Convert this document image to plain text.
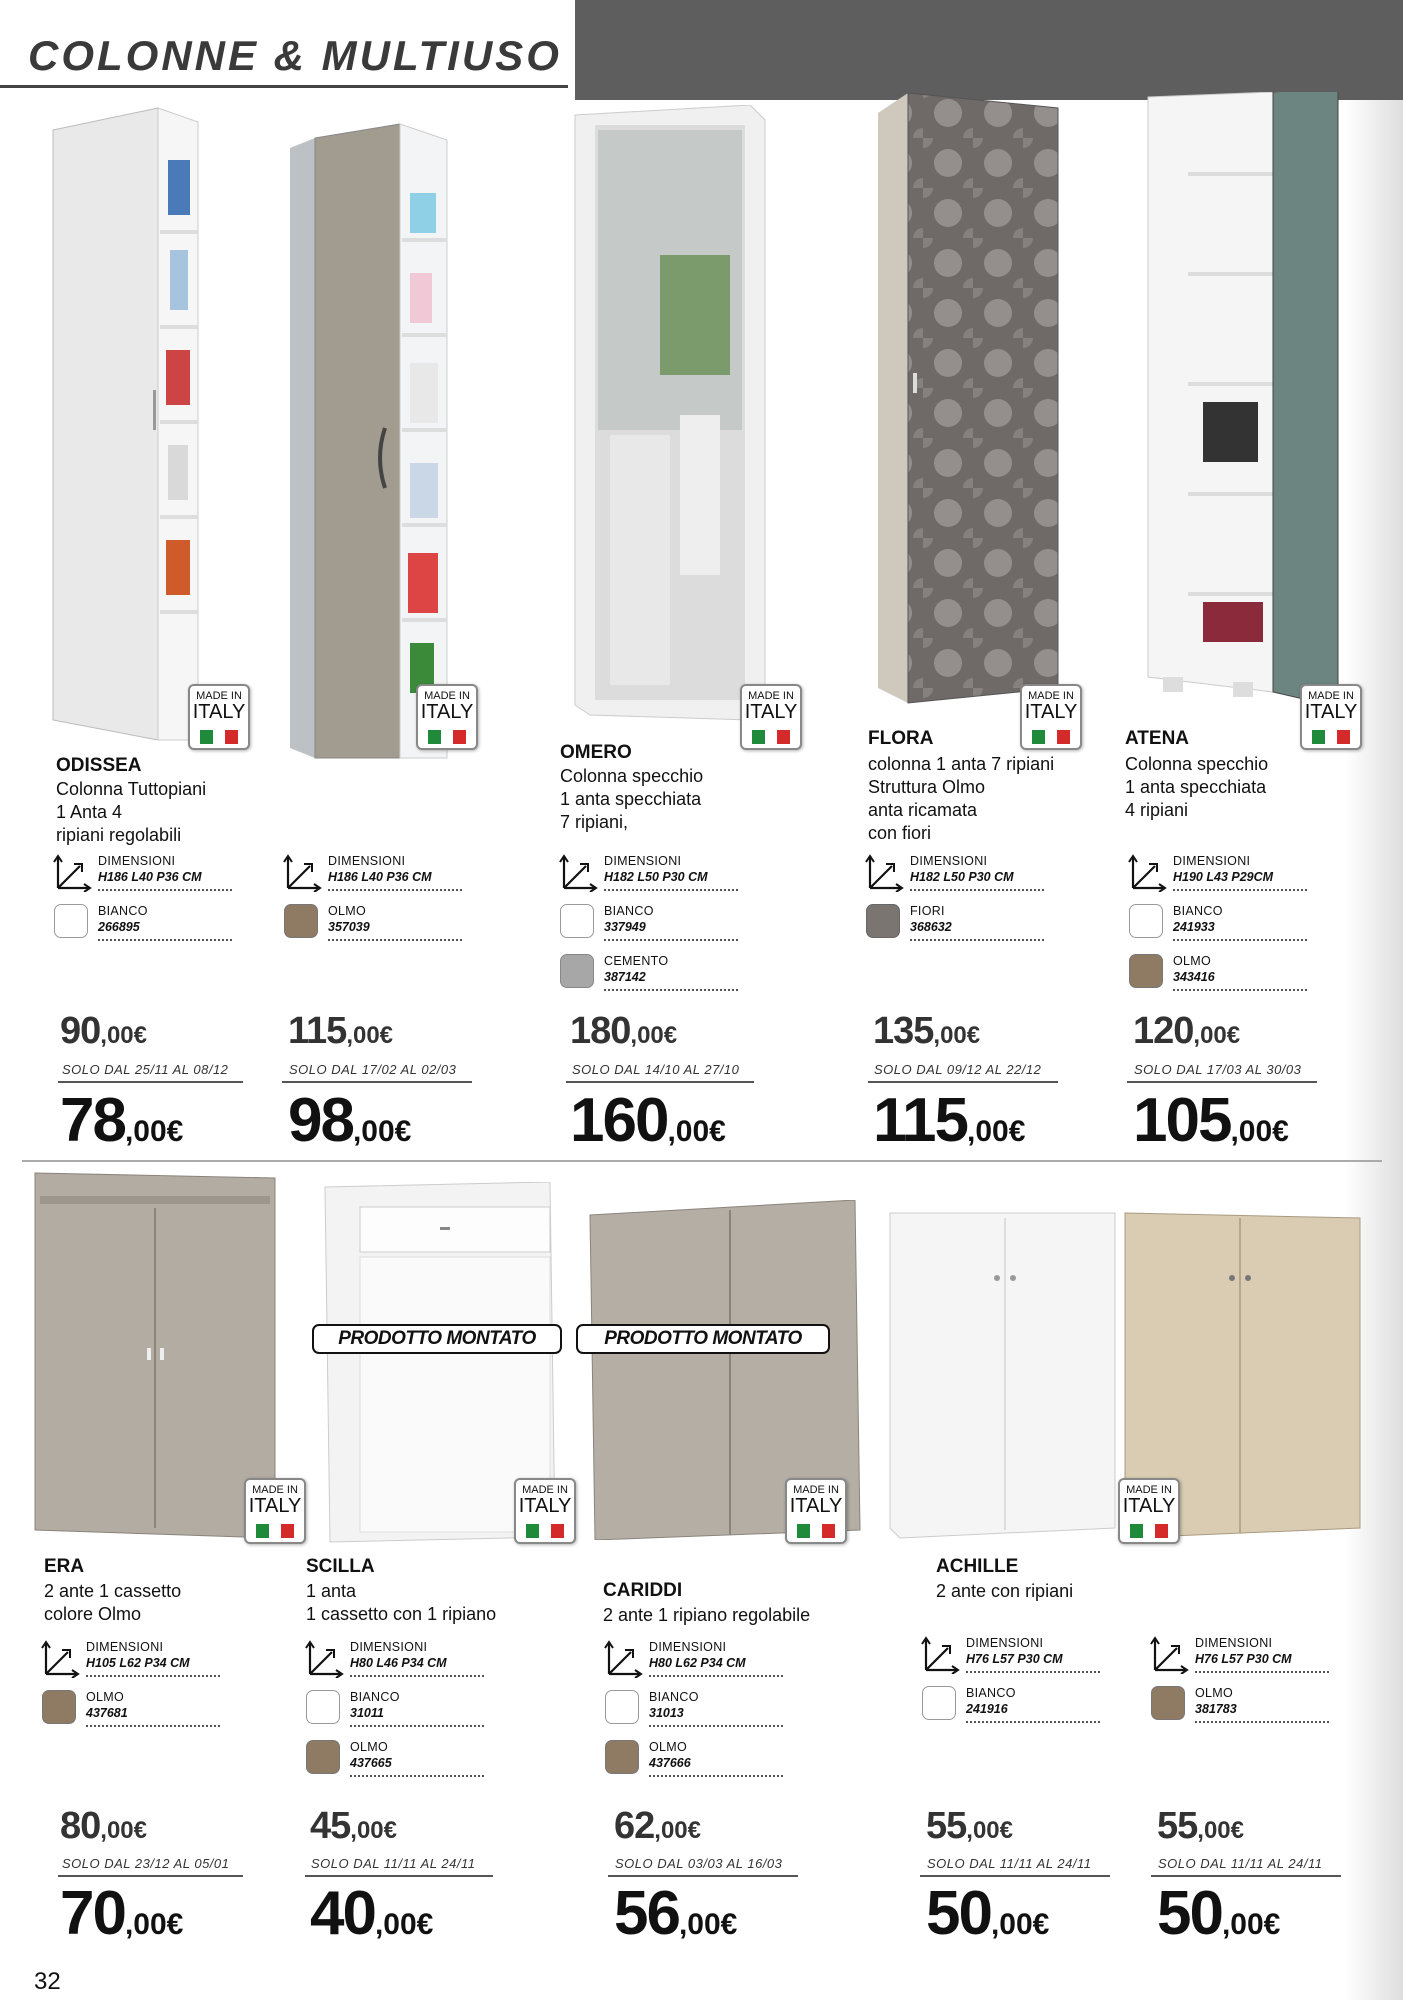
COLONNE & MULTIUSO
MADE IN
ITALY
MADE IN
ITALY
MADE IN
ITALY
MADE IN
ITALY
MADE IN
ITALY
ODISSEA
Colonna Tuttopiani
1 Anta 4
ripiani regolabili
OMERO
Colonna specchio
1 anta specchiata
7 ripiani,
FLORA
colonna 1 anta 7 ripiani
Struttura Olmo
anta ricamata
con fiori
ATENA
Colonna specchio
1 anta specchiata
4 ripiani
DIMENSIONI
H186 L40 P36 CM
BIANCO
266895
DIMENSIONI
H186 L40 P36 CM
OLMO
357039
DIMENSIONI
H182 L50 P30 CM
BIANCO
337949
CEMENTO
387142
DIMENSIONI
H182 L50 P30 CM
FIORI
368632
DIMENSIONI
H190 L43 P29CM
BIANCO
241933
OLMO
343416
90,00€
SOLO DAL 25/11 AL 08/12
78,00€
115,00€
SOLO DAL 17/02 AL 02/03
98,00€
180,00€
SOLO DAL 14/10 AL 27/10
160,00€
135,00€
SOLO DAL 09/12 AL 22/12
115,00€
120,00€
SOLO DAL 17/03 AL 30/03
105,00€
PRODOTTO MONTATO	PRODOTTO MONTATO
MADE IN
ITALY
MADE IN
ITALY
MADE IN
ITALY
MADE IN
ITALY
ERA
2 ante 1 cassetto
colore Olmo
SCILLA
1 anta
1 cassetto con 1 ripiano
CARIDDI
2 ante 1 ripiano regolabile
ACHILLE
2 ante con ripiani
DIMENSIONI
H105 L62 P34 CM
OLMO
437681
DIMENSIONI
H80 L46 P34 CM
BIANCO
31011
OLMO
437665
DIMENSIONI
H80 L62 P34 CM
BIANCO
31013
OLMO
437666
DIMENSIONI
H76 L57 P30 CM
BIANCO
241916
DIMENSIONI
H76 L57 P30 CM
OLMO
381783
80,00€
SOLO DAL 23/12 AL 05/01
70,00€
45,00€
SOLO DAL 11/11 AL 24/11
40,00€
62,00€
SOLO DAL 03/03 AL 16/03
56,00€
55,00€
SOLO DAL 11/11 AL 24/11
50,00€
55,00€
SOLO DAL 11/11 AL 24/11
50,00€
32
